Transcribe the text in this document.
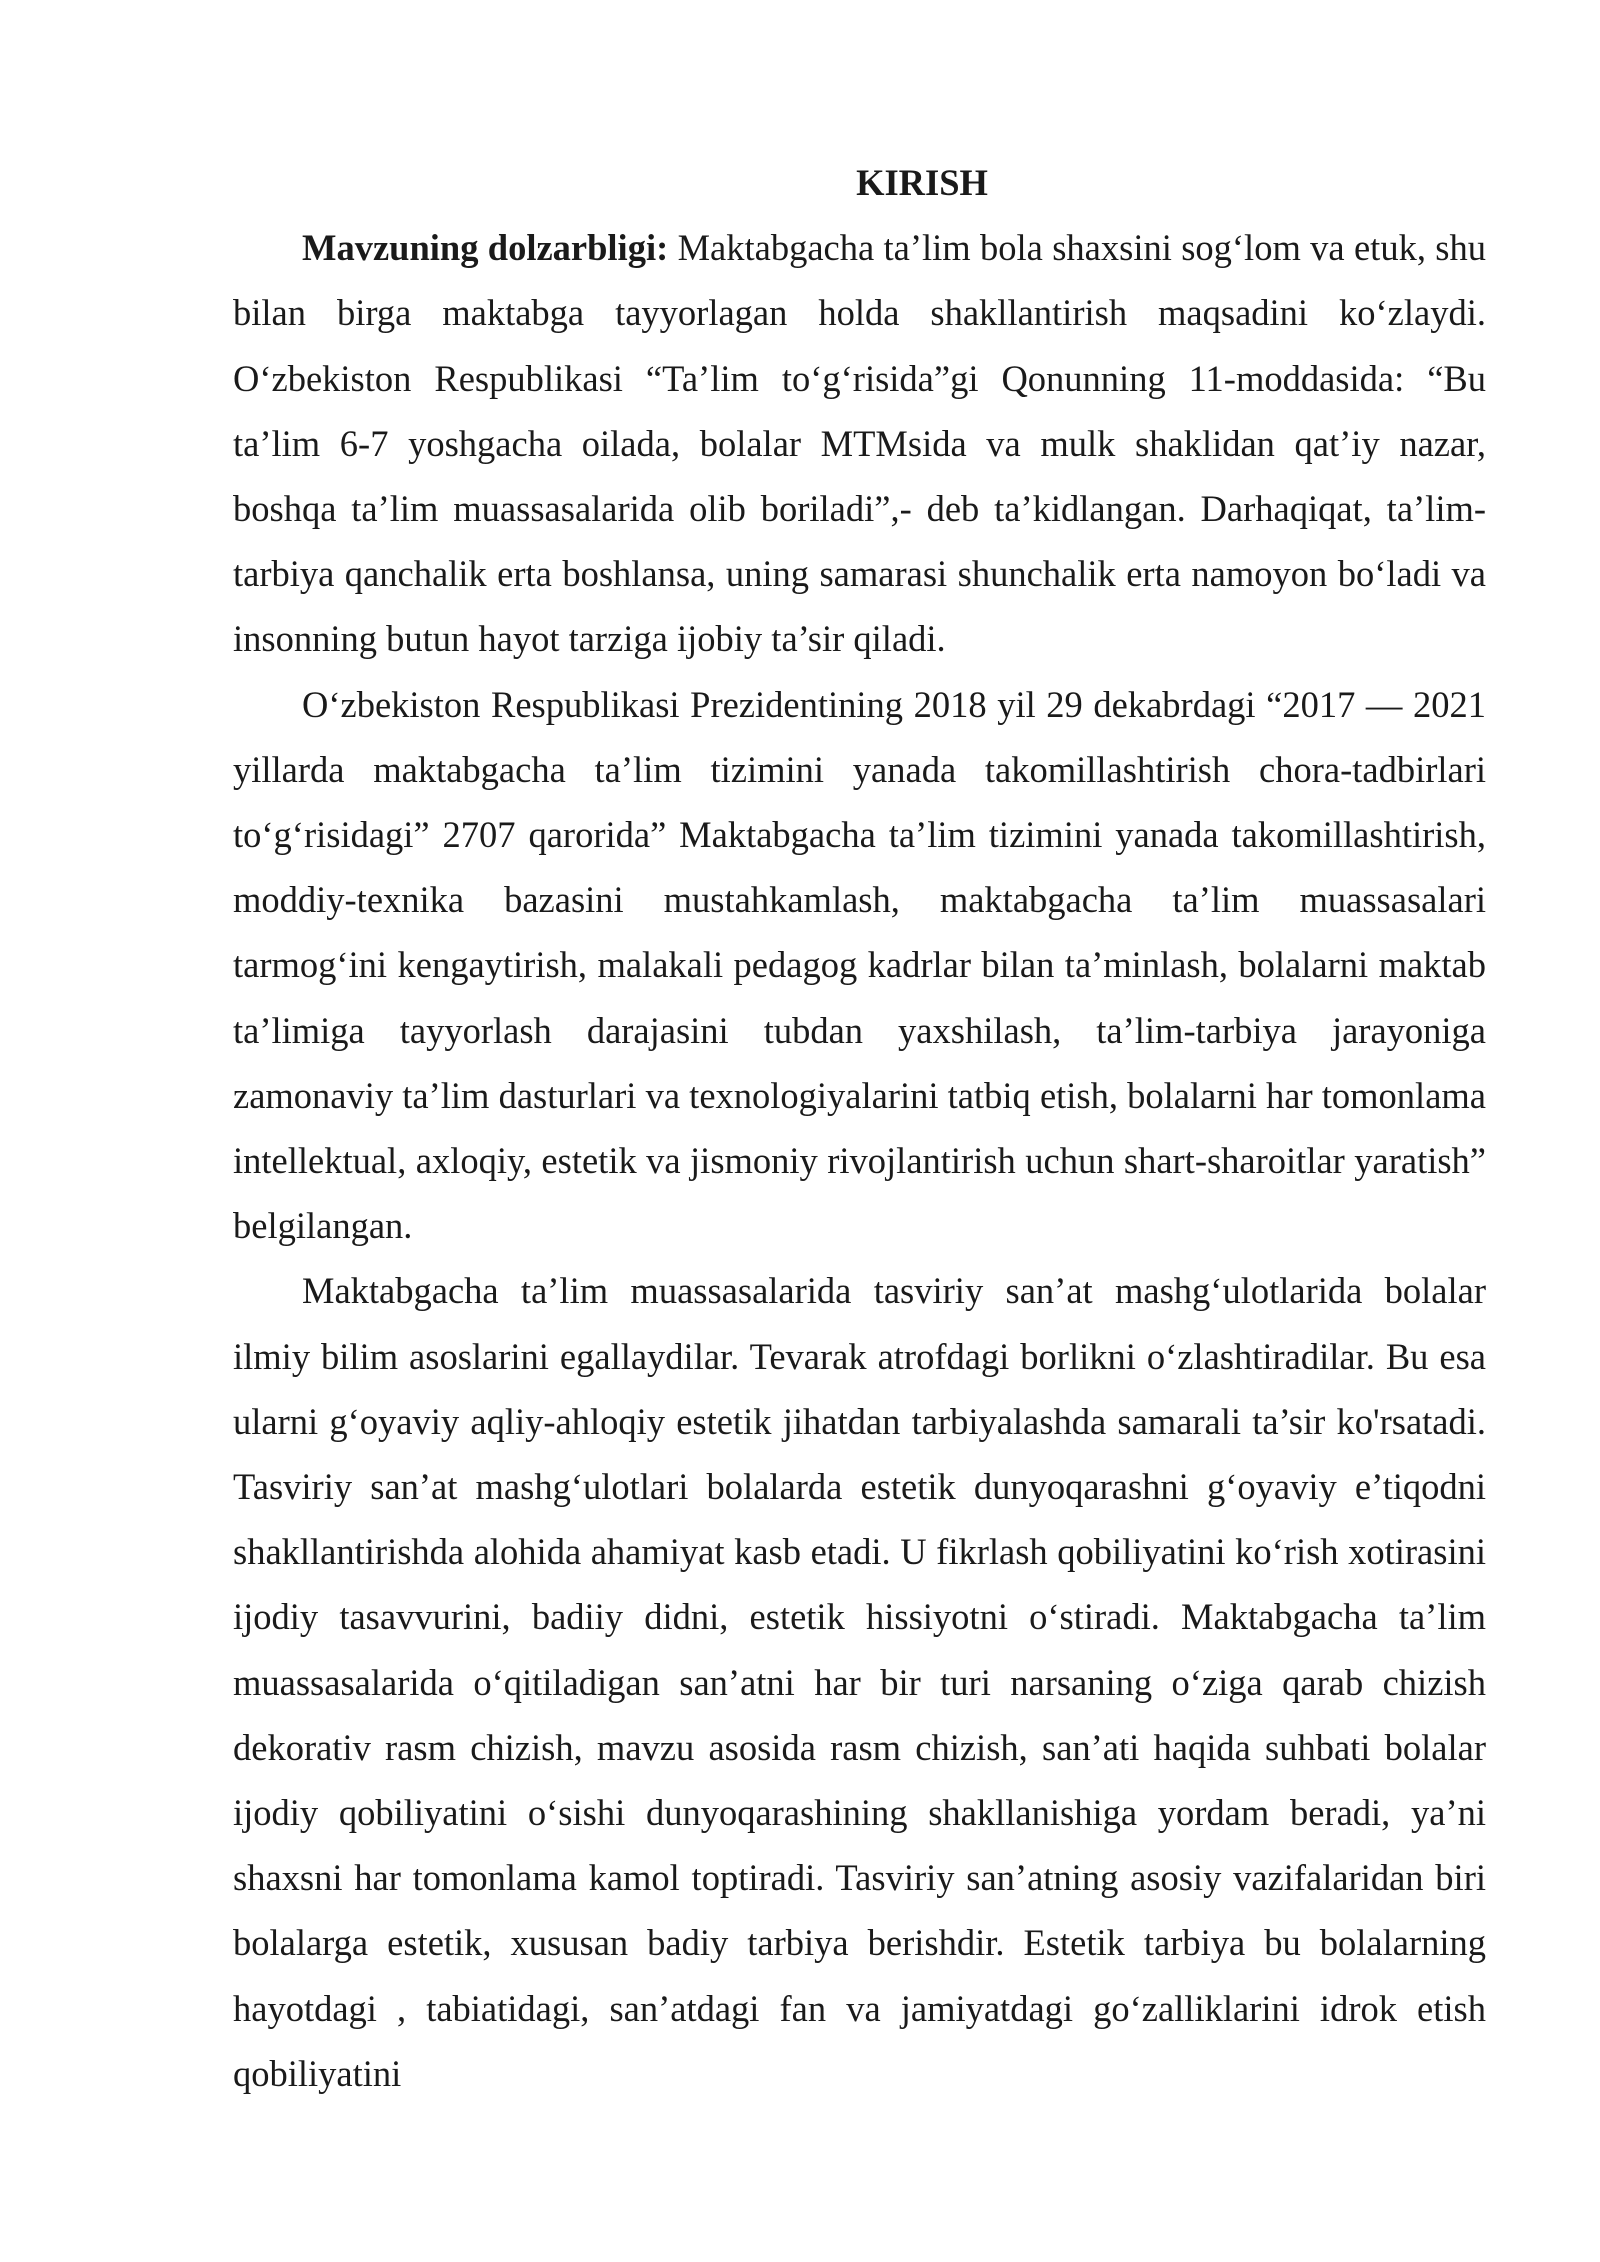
KIRISH

Mavzuning dolzarbligi: Maktabgacha ta’lim bola shaxsini sog‘lom va etuk, shu bilan birga maktabga tayyorlagan holda shakllantirish maqsadini ko‘zlaydi. O‘zbekiston Respublikasi “Ta’lim to‘g‘risida”gi Qonunning 11-moddasida: “Bu ta’lim 6-7 yoshgacha oilada, bolalar MTMsida va mulk shaklidan qat’iy nazar, boshqa ta’lim muassasalarida olib boriladi”,- deb ta’kidlangan. Darhaqiqat, ta’lim-tarbiya qanchalik erta boshlansa, uning samarasi shunchalik erta namoyon bo‘ladi va insonning butun hayot tarziga ijobiy ta’sir qiladi.

O‘zbekiston Respublikasi Prezidentining 2018 yil 29 dekabrdagi “2017 — 2021 yillarda maktabgacha ta’lim tizimini yanada takomillashtirish chora-tadbirlari to‘g‘risidagi” 2707 qarorida” Maktabgacha ta’lim tizimini yanada takomillashtirish, moddiy-texnika bazasini mustahkamlash, maktabgacha ta’lim muassasalari tarmog‘ini kengaytirish, malakali pedagog kadrlar bilan ta’minlash, bolalarni maktab ta’limiga tayyorlash darajasini tubdan yaxshilash, ta’lim-tarbiya jarayoniga zamonaviy ta’lim dasturlari va texnologiyalarini tatbiq etish, bolalarni har tomonlama intellektual, axloqiy, estetik va jismoniy rivojlantirish uchun shart-sharoitlar yaratish” belgilangan.

Maktabgacha ta’lim muassasalarida tasviriy san’at mashg‘ulotlarida bolalar ilmiy bilim asoslarini egallaydilar. Tevarak atrofdagi borlikni o‘zlashtiradilar. Bu esa ularni g‘oyaviy aqliy-ahloqiy estetik jihatdan tarbiyalashda samarali ta’sir ko'rsatadi. Tasviriy san’at mashg‘ulotlari bolalarda estetik dunyoqarashni g‘oyaviy e’tiqodni shakllantirishda alohida ahamiyat kasb etadi. U fikrlash qobiliyatini ko‘rish xotirasini ijodiy tasavvurini, badiiy didni, estetik hissiyotni o‘stiradi. Maktabgacha ta’lim muassasalarida o‘qitiladigan san’atni har bir turi narsaning o‘ziga qarab chizish dekorativ rasm chizish, mavzu asosida rasm chizish, san’ati haqida suhbati bolalar ijodiy qobiliyatini o‘sishi dunyoqarashining shakllanishiga yordam beradi, ya’ni shaxsni har tomonlama kamol toptiradi. Tasviriy san’atning asosiy vazifalaridan biri bolalarga estetik, xususan badiy tarbiya berishdir. Estetik tarbiya bu bolalarning hayotdagi , tabiatidagi, san’atdagi fan va jamiyatdagi go‘zalliklarini idrok etish qobiliyatini
